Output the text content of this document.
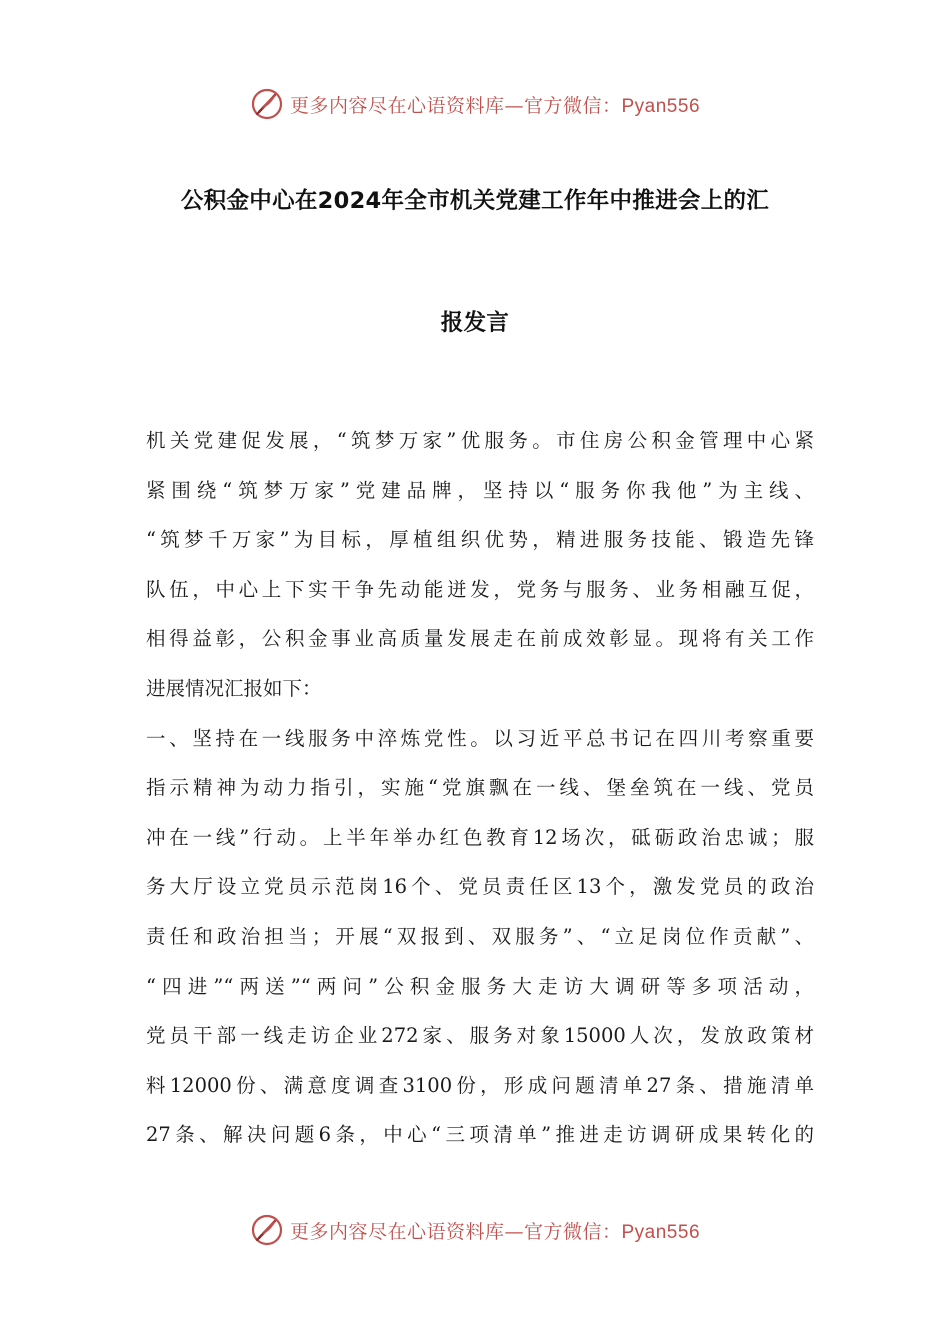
更多内容尽在心语资料库—官方微信：Pyan556
公积金中心在2024年全市机关党建工作年中推进会上的汇
报发言
机关党建促发展，“筑梦万家”优服务。市住房公积金管理中心紧
紧围绕“筑梦万家”党建品牌，坚持以“服务你我他”为主线、
“筑梦千万家”为目标，厚植组织优势，精进服务技能、锻造先锋
队伍，中心上下实干争先动能迸发，党务与服务、业务相融互促，
相得益彰，公积金事业高质量发展走在前成效彰显。现将有关工作
进展情况汇报如下：
一、坚持在一线服务中淬炼党性。以习近平总书记在四川考察重要
指示精神为动力指引，实施“党旗飘在一线、堡垒筑在一线、党员
冲在一线”行动。上半年举办红色教育12场次，砥砺政治忠诚；服
务大厅设立党员示范岗16个、党员责任区13个，激发党员的政治
责任和政治担当；开展“双报到、双服务”、“立足岗位作贡献”、
“四进”“两送”“两问”公积金服务大走访大调研等多项活动，
党员干部一线走访企业272家、服务对象15000人次，发放政策材
料12000份、满意度调查3100份，形成问题清单27条、措施清单
27条、解决问题6条，中心“三项清单”推进走访调研成果转化的
更多内容尽在心语资料库—官方微信：Pyan556
